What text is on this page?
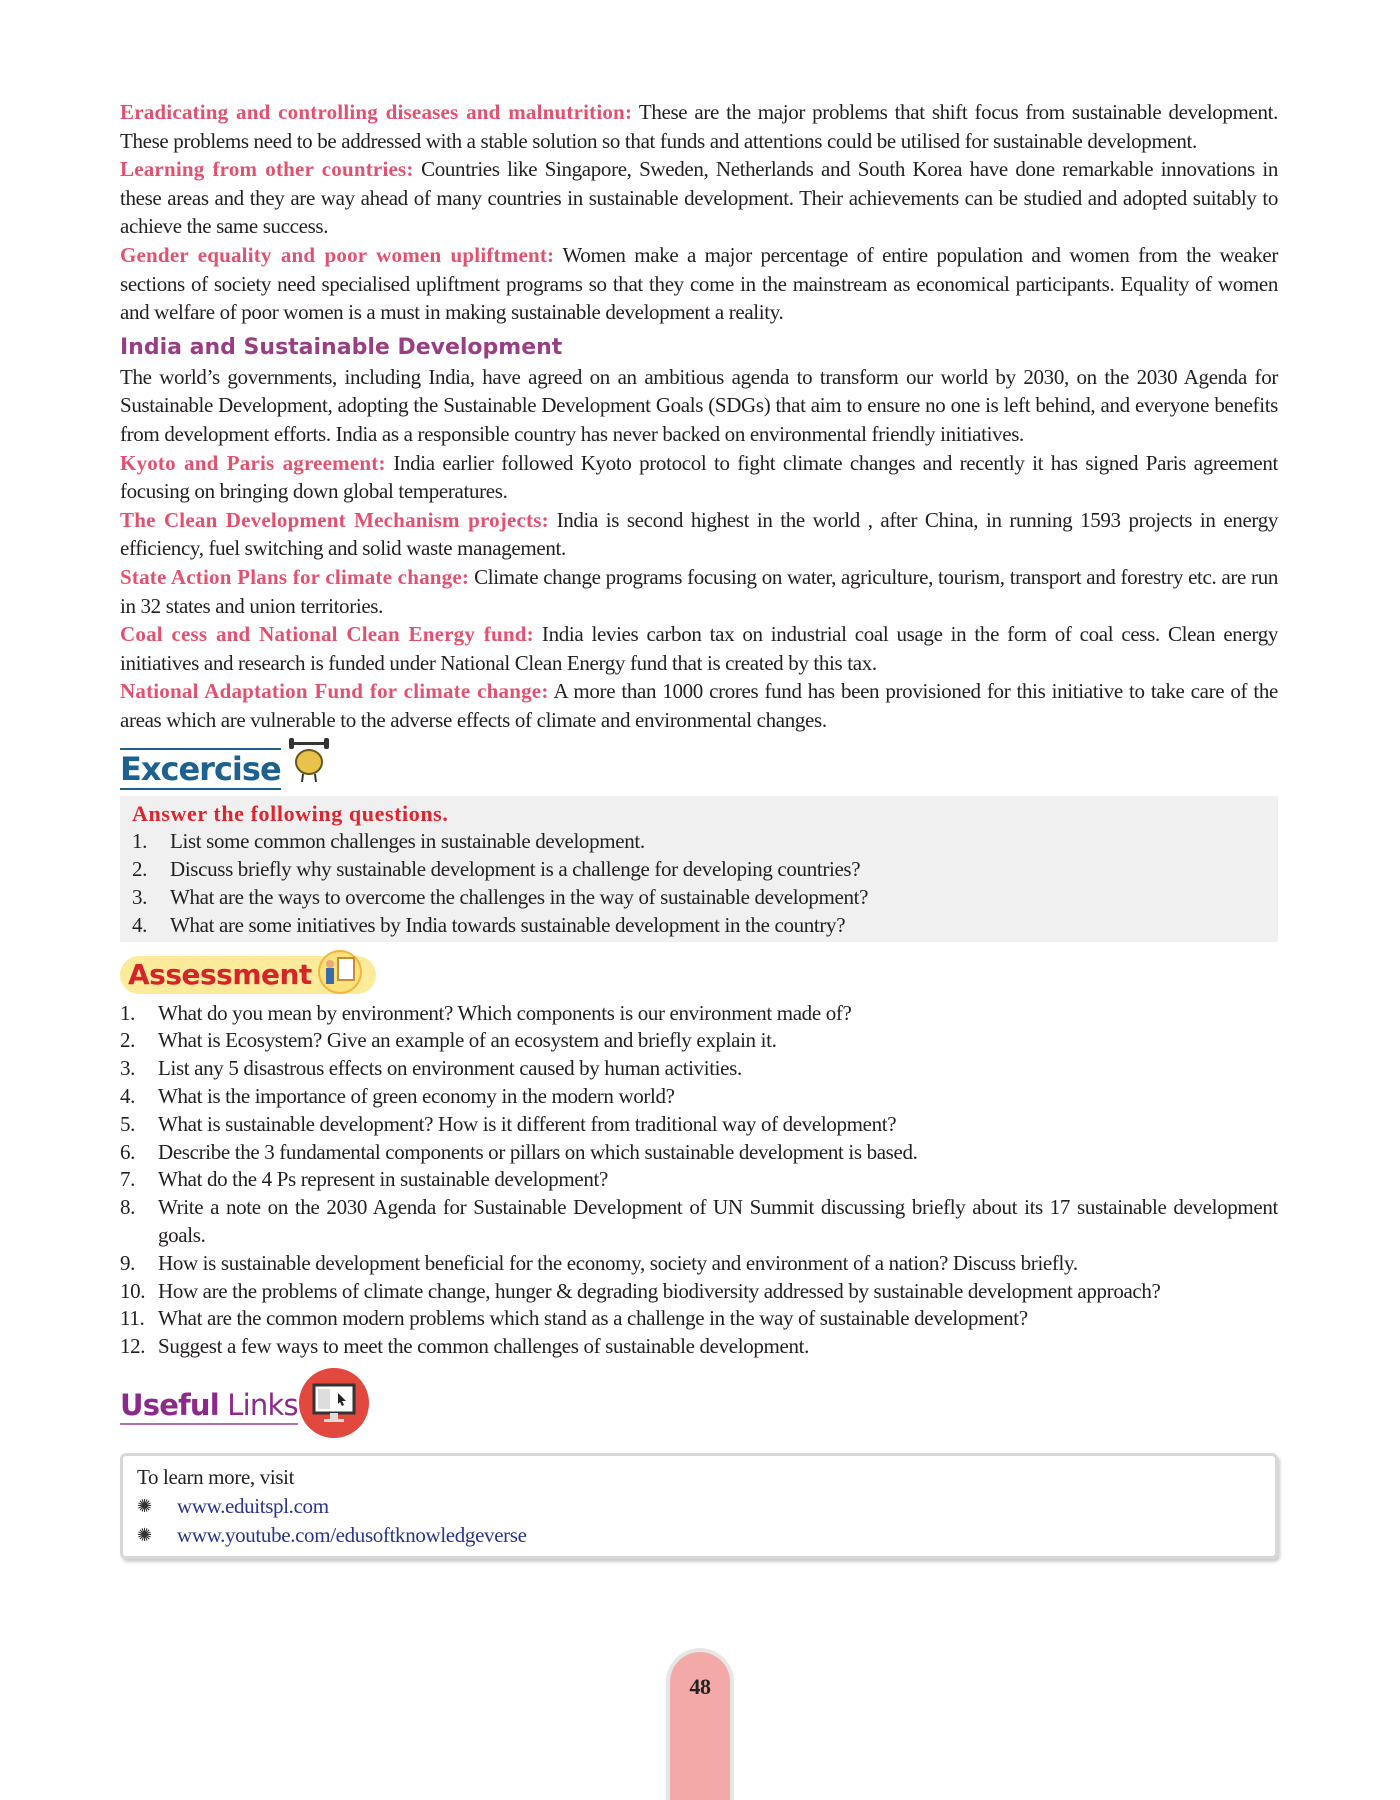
Eradicating and controlling diseases and malnutrition: These are the major problems that shift focus from sustainable development. These problems need to be addressed with a stable solution so that funds and attentions could be utilised for sustainable development.

Learning from other countries: Countries like Singapore, Sweden, Netherlands and South Korea have done remarkable innovations in these areas and they are way ahead of many countries in sustainable development. Their achievements can be studied and adopted suitably to achieve the same success.

Gender equality and poor women upliftment: Women make a major percentage of entire population and women from the weaker sections of society need specialised upliftment programs so that they come in the mainstream as economical participants. Equality of women and welfare of poor women is a must in making sustainable development a reality.

India and Sustainable Development

The world’s governments, including India, have agreed on an ambitious agenda to transform our world by 2030, on the 2030 Agenda for Sustainable Development, adopting the Sustainable Development Goals (SDGs) that aim to ensure no one is left behind, and everyone benefits from development efforts. India as a responsible country has never backed on environmental friendly initiatives.

Kyoto and Paris agreement: India earlier followed Kyoto protocol to fight climate changes and recently it has signed Paris agreement focusing on bringing down global temperatures.

The Clean Development Mechanism projects: India is second highest in the world , after China, in running 1593 projects in energy efficiency, fuel switching and solid waste management.

State Action Plans for climate change: Climate change programs focusing on water, agriculture, tourism, transport and forestry etc. are run in 32 states and union territories.

Coal cess and National Clean Energy fund: India levies carbon tax on industrial coal usage in the form of coal cess. Clean energy initiatives and research is funded under National Clean Energy fund that is created by this tax.

National Adaptation Fund for climate change: A more than 1000 crores fund has been provisioned for this initiative to take care of the areas which are vulnerable to the adverse effects of climate and environmental changes.

Excercise
Answer the following questions.
1.	List some common challenges in sustainable development.
2.	Discuss briefly why sustainable development is a challenge for developing countries?
3.	What are the ways to overcome the challenges in the way of sustainable development?
4.	What are some initiatives by India towards sustainable development in the country?
Assessment
1.	What do you mean by environment? Which components is our environment made of?
2.	What is Ecosystem? Give an example of an ecosystem and briefly explain it.
3.	List any 5 disastrous effects on environment caused by human activities.
4.	What is the importance of green economy in the modern world?
5.	What is sustainable development? How is it different from traditional way of development?
6.	Describe the 3 fundamental components or pillars on which sustainable development is based.
7.	What do the 4 Ps represent in sustainable development?
8.	Write a note on the 2030 Agenda for Sustainable Development of UN Summit discussing briefly about its 17 sustainable development goals.
9.	How is sustainable development beneficial for the economy, society and environment of a nation? Discuss briefly.
10. How are the problems of climate change, hunger & degrading biodiversity addressed by sustainable development approach?
11. What are the common modern problems which stand as a challenge in the way of sustainable development?
12. Suggest a few ways to meet the common challenges of sustainable development.
Useful Links
To learn more, visit
✺	www.eduitspl.com
✺	www.youtube.com/edusoftknowledgeverse
48
